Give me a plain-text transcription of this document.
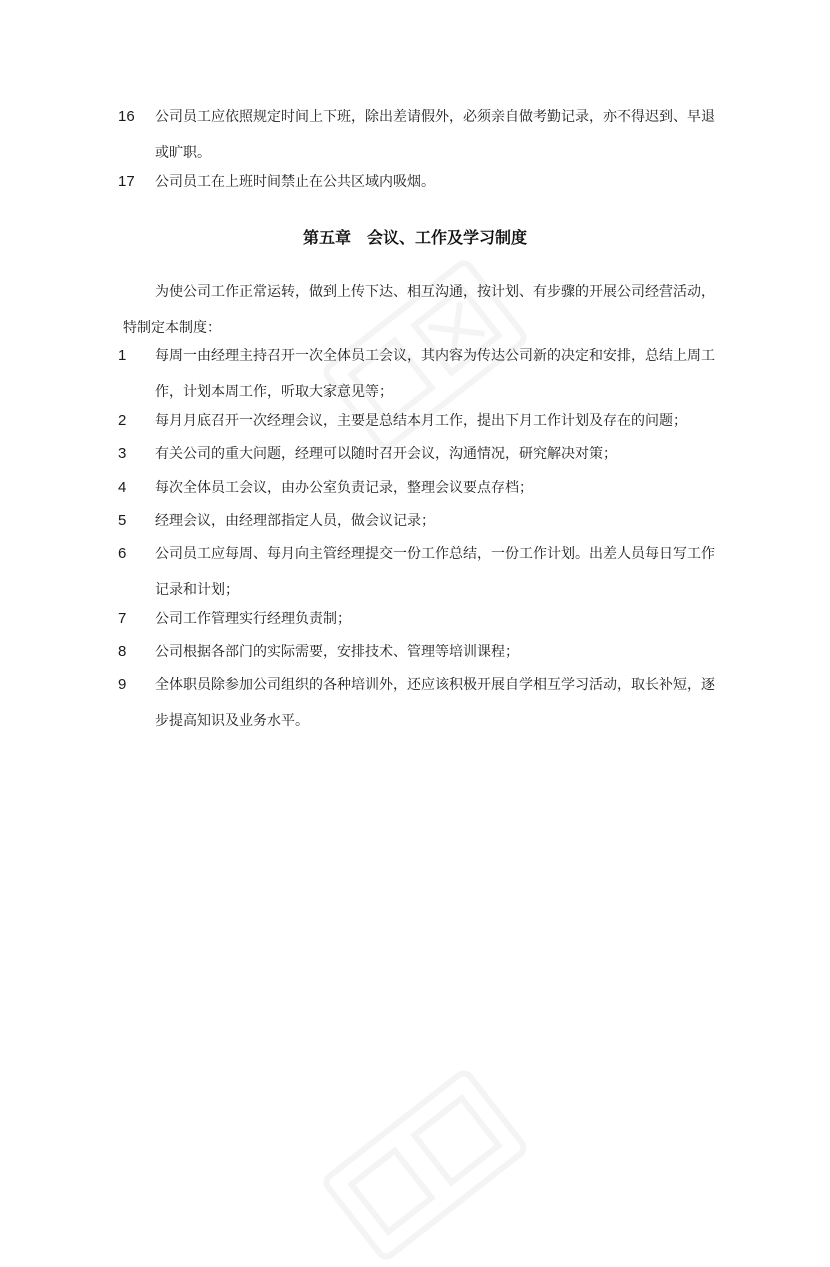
16	公司员工应依照规定时间上下班，除出差请假外，必须亲自做考勤记录，亦不得迟到、早退或旷职。
17	公司员工在上班时间禁止在公共区域内吸烟。
第五章　会议、工作及学习制度
为使公司工作正常运转，做到上传下达、相互沟通，按计划、有步骤的开展公司经营活动，特制定本制度：
1	每周一由经理主持召开一次全体员工会议，其内容为传达公司新的决定和安排，总结上周工作，计划本周工作，听取大家意见等；
2	每月月底召开一次经理会议，主要是总结本月工作，提出下月工作计划及存在的问题；
3	有关公司的重大问题，经理可以随时召开会议，沟通情况，研究解决对策；
4	每次全体员工会议，由办公室负责记录，整理会议要点存档；
5	经理会议，由经理部指定人员，做会议记录；
6	公司员工应每周、每月向主管经理提交一份工作总结，一份工作计划。出差人员每日写工作记录和计划；
7	公司工作管理实行经理负责制；
8	公司根据各部门的实际需要，安排技术、管理等培训课程；
9	全体职员除参加公司组织的各种培训外，还应该积极开展自学相互学习活动，取长补短，逐步提高知识及业务水平。
